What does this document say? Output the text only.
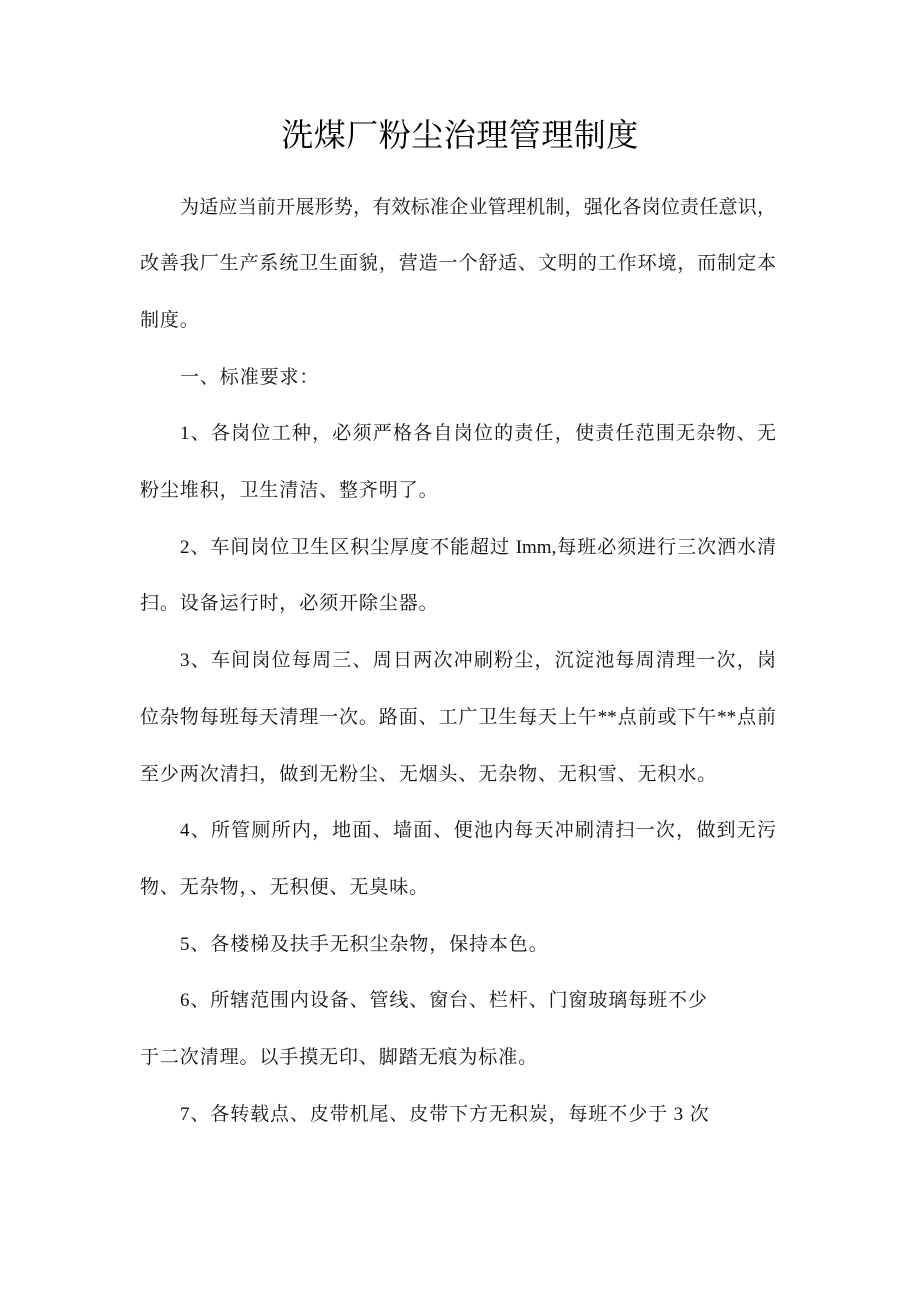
洗煤厂粉尘治理管理制度
为适应当前开展形势，有效标准企业管理机制，强化各岗位责任意识，
改善我厂生产系统卫生面貌，营造一个舒适、文明的工作环境，而制定本
制度。
一、标准要求：
1、各岗位工种，必须严格各自岗位的责任，使责任范围无杂物、无
粉尘堆积，卫生清洁、整齐明了。
2、车间岗位卫生区积尘厚度不能超过 Imm,每班必须进行三次洒水清
扫。设备运行时，必须开除尘器。
3、车间岗位每周三、周日两次冲刷粉尘，沉淀池每周清理一次，岗
位杂物每班每天清理一次。路面、工广卫生每天上午**点前或下午**点前
至少两次清扫，做到无粉尘、无烟头、无杂物、无积雪、无积水。
4、所管厕所内，地面、墙面、便池内每天冲刷清扫一次，做到无污
物、无杂物，、无积便、无臭味。
5、各楼梯及扶手无积尘杂物，保持本色。
6、所辖范围内设备、管线、窗台、栏杆、门窗玻璃每班不少
于二次清理。以手摸无印、脚踏无痕为标准。
7、各转载点、皮带机尾、皮带下方无积炭，每班不少于 3 次
